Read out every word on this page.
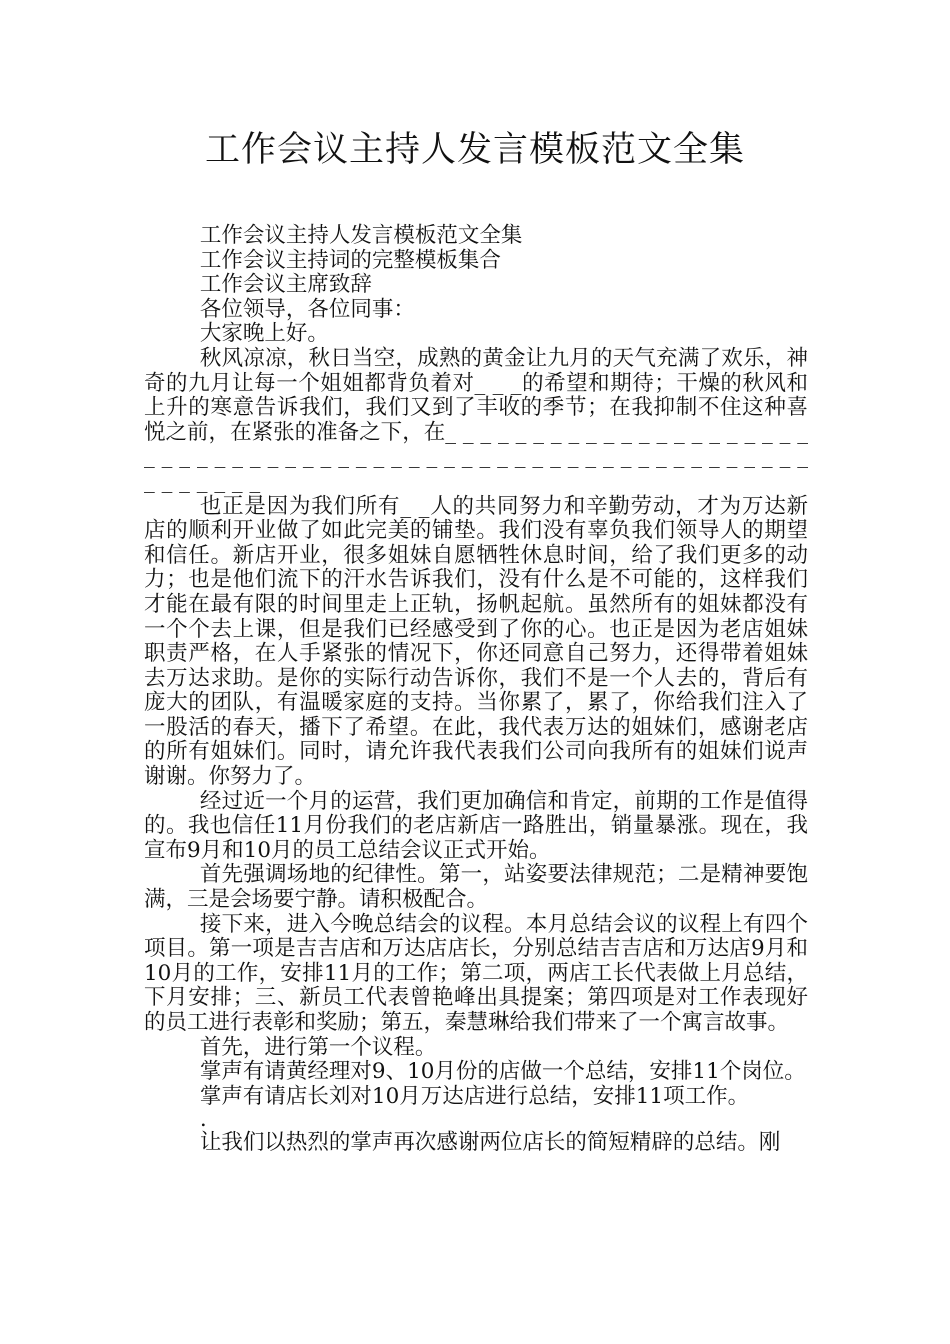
工作会议主持人发言模板范文全集

工作会议主持人发言模板范文全集

工作会议主持词的完整模板集合

工作会议主席致辞

各位领导，各位同事：

大家晚上好。

秋风凉凉，秋日当空，成熟的黄金让九月的天气充满了欢乐，神奇的九月让每一个姐姐都背负着对_ _ _的希望和期待；干燥的秋风和上升的寒意告诉我们，我们又到了丰收的季节；在我抑制不住这种喜悦之前，在紧张的准备之下，在_ _ _ _ _ _ _ _ _ _ _ _ _ _ _ _ _ _ _ _ _ _ _ _ _ _ _ _ _ _ _ _ _ _ _ _ _ _ _ _ _ _ _ _ _ _ _ _ _ _ _ _ _ _ _ _ _ _ _ _ _ _ _ _ _ _

也正是因为我们所有_ _人的共同努力和辛勤劳动，才为万达新店的顺利开业做了如此完美的铺垫。我们没有辜负我们领导人的期望和信任。新店开业，很多姐妹自愿牺牲休息时间，给了我们更多的动力；也是他们流下的汗水告诉我们，没有什么是不可能的，这样我们才能在最有限的时间里走上正轨，扬帆起航。虽然所有的姐妹都没有一个个去上课，但是我们已经感受到了你的心。也正是因为老店姐妹职责严格，在人手紧张的情况下，你还同意自己努力，还得带着姐妹去万达求助。是你的实际行动告诉你，我们不是一个人去的，背后有庞大的团队，有温暖家庭的支持。当你累了，累了，你给我们注入了一股活的春天，播下了希望。在此，我代表万达的姐妹们，感谢老店的所有姐妹们。同时，请允许我代表我们公司向我所有的姐妹们说声谢谢。你努力了。

经过近一个月的运营，我们更加确信和肯定，前期的工作是值得的。我也信任11月份我们的老店新店一路胜出，销量暴涨。现在，我宣布9月和10月的员工总结会议正式开始。

首先强调场地的纪律性。第一，站姿要法律规范；二是精神要饱满，三是会场要宁静。请积极配合。

接下来，进入今晚总结会的议程。本月总结会议的议程上有四个项目。第一项是吉吉店和万达店店长，分别总结吉吉店和万达店9月和10月的工作，安排11月的工作；第二项，两店工长代表做上月总结，下月安排；三、新员工代表曾艳峰出具提案；第四项是对工作表现好的员工进行表彰和奖励；第五，秦慧琳给我们带来了一个寓言故事。

首先，进行第一个议程。

掌声有请黄经理对9、10月份的店做一个总结，安排11个岗位。

掌声有请店长刘对10月万达店进行总结，安排11项工作。

.

让我们以热烈的掌声再次感谢两位店长的简短精辟的总结。刚
